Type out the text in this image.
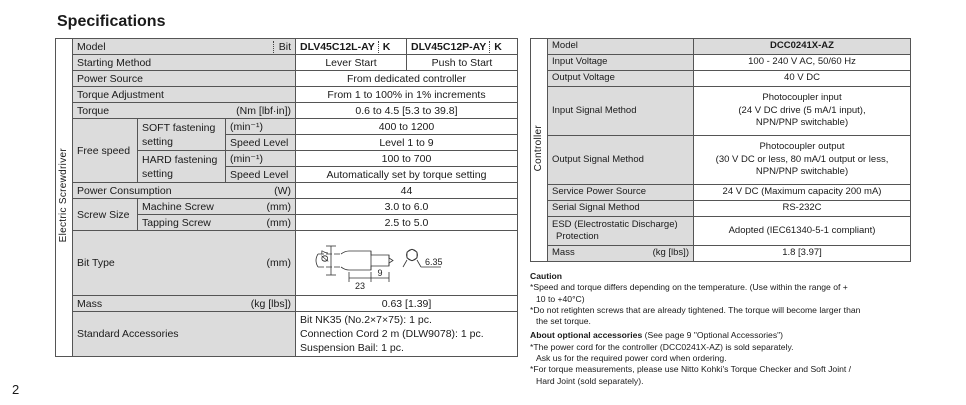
Specifications
Electric Screwdriver	Model Bit			DLV45C12L-AY K	DLV45C12P-AY K
	Starting Method			Lever Start	Push to Start
	Power Source			From dedicated controller	
	Torque Adjustment			From 1 to 100% in 1% increments	
	Torque (Nm [lbf·in])			0.6 to 4.5 [5.3 to 39.8]	
	Free speed	SOFT fastening setting	(min⁻¹)	400 to 1200	
			Speed Level	Level 1 to 9	
		HARD fastening setting	(min⁻¹)	100 to 700	
			Speed Level	Automatically set by torque setting	
	Power Consumption (W)			44	
	Screw Size	Machine Screw (mm)		3.0 to 6.0	
		Tapping Screw (mm)		2.5 to 5.0	
	Bit Type (mm)			Ø7
23
9
6.35	

	Mass (kg [lbs])			0.63 [1.39]	
	Standard Accessories			Bit NK35 (No.2×7×75): 1 pc.
Connection Cord 2 m (DLW9078): 1 pc.
Suspension Bail: 1 pc.	
Controller	Model	DCC0241X-AZ
	Input Voltage	100 - 240 V AC, 50/60 Hz
	Output Voltage	40 V DC
	Input Signal Method	Photocoupler input
(24 V DC drive (5 mA/1 input),
NPN/PNP switchable)

	Output Signal Method	Photocoupler output
(30 V DC or less, 80 mA/1 output or less,
NPN/PNP switchable)

	Service Power Source	24 V DC (Maximum capacity 200 mA)
	Serial Signal Method	RS-232C

	ESD (Electrostatic Discharge)
Protection	Adopted (IEC61340-5-1 compliant)
	Mass (kg [lbs])	1.8 [3.97]
Caution
*Speed and torque differs depending on the temperature. (Use within the range of +
10 to +40°C)
*Do not retighten screws that are already tightened. The torque will become larger than
the set torque.
About optional accessories (See page 9 "Optional Accessories")
*The power cord for the controller (DCC0241X-AZ) is sold separately.
Ask us for the required power cord when ordering.
*For torque measurements, please use Nitto Kohki's Torque Checker and Soft Joint /
Hard Joint (sold separately).
2
